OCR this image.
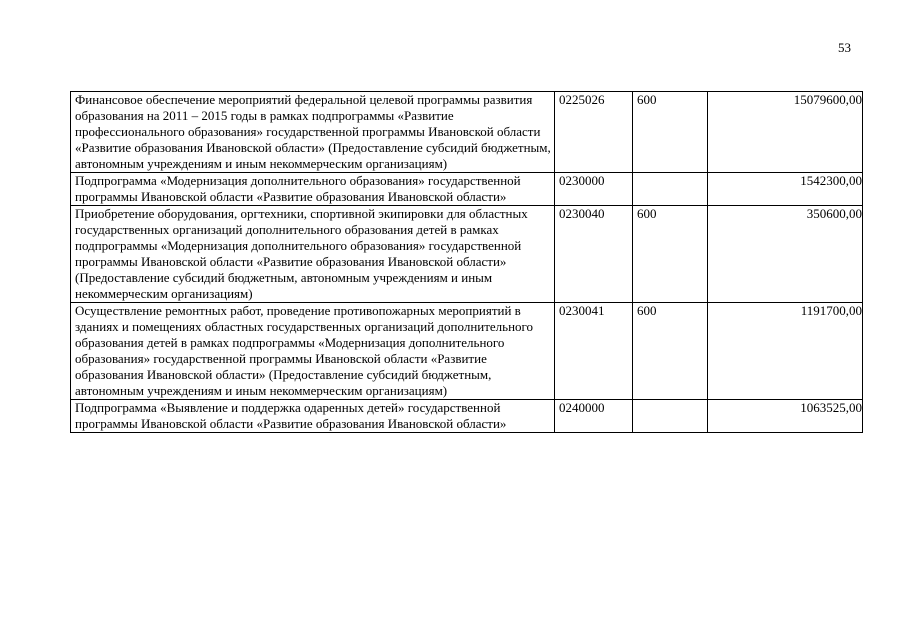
53
Финансовое обеспечение мероприятий федеральной целевой программы развития образования на 2011 – 2015 годы в рамках подпрограммы «Развитие профессионального образования» государственной программы Ивановской области «Развитие образования Ивановской области» (Предоставление субсидий бюджетным, автономным учреждениям и иным некоммерческим организациям)	0225026	600	15079600,00
Подпрограмма «Модернизация дополнительного образования» государственной программы Ивановской области «Развитие образования Ивановской области»	0230000		1542300,00
Приобретение оборудования, оргтехники, спортивной экипировки для областных государственных организаций дополнительного образования детей в рамках подпрограммы «Модернизация дополнительного образования» государственной программы Ивановской области «Развитие образования Ивановской области» (Предоставление субсидий бюджетным, автономным учреждениям и иным некоммерческим организациям)	0230040	600	350600,00
Осуществление ремонтных работ, проведение противопожарных мероприятий в зданиях и помещениях областных государственных организаций дополнительного образования детей в рамках подпрограммы «Модернизация дополнительного образования» государственной программы Ивановской области «Развитие образования Ивановской области» (Предоставление субсидий бюджетным, автономным учреждениям и иным некоммерческим организациям)	0230041	600	1191700,00
Подпрограмма «Выявление и поддержка одаренных детей» государственной программы Ивановской области «Развитие образования Ивановской области»	0240000		1063525,00
